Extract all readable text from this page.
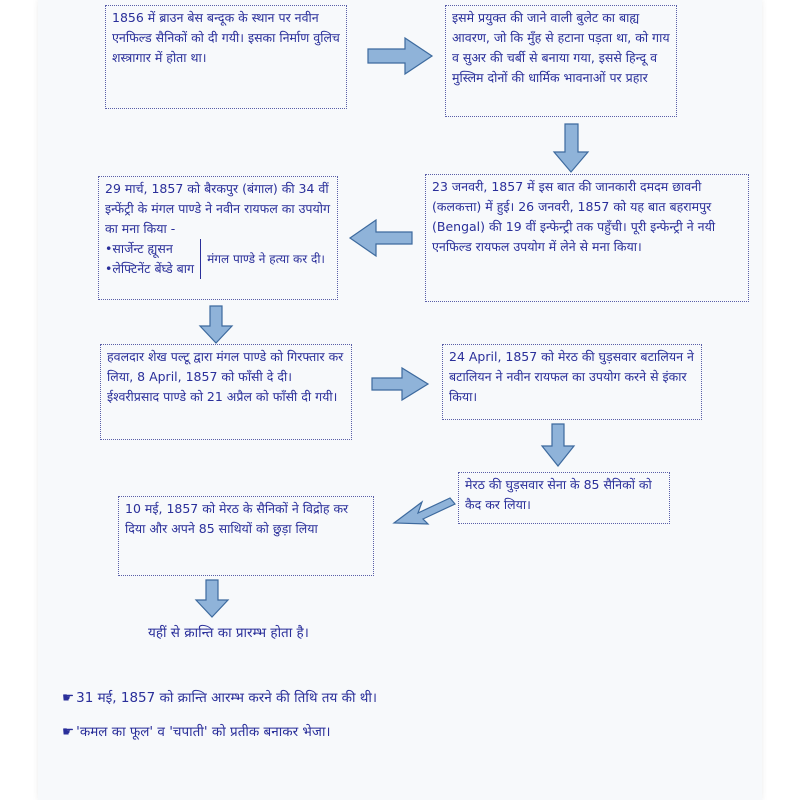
1856 में ब्राउन बेस बन्दूक के स्थान पर नवीन एनफिल्ड सैनिकों को दी गयी। इसका निर्माण वुलिच शस्त्रागार में होता था।

इसमे प्रयुक्त की जाने वाली बुलेट का बाह्य आवरण, जो कि मुँह से हटाना पड़ता था, को गाय व सुअर की चर्बी से बनाया गया, इससे हिन्दू व मुस्लिम दोनों की धार्मिक भावनाओं पर प्रहार

29 मार्च, 1857 को बैरकपुर (बंगाल) की 34 वीं इन्फेंट्री के मंगल पाण्डे ने नवीन रायफल का उपयोग का मना किया -

• सार्जेन्ट ह्यूसन
• लेफ्टिनेंट बेंघ्डे बाग
मंगल पाण्डे ने हत्या कर दी।

23 जनवरी, 1857 में इस बात की जानकारी दमदम छावनी (कलकत्ता) में हुई। 26 जनवरी, 1857 को यह बात बहरामपुर (Bengal) की 19 वीं इन्फेन्ट्री तक पहुँची। पूरी इन्फेन्ट्री ने नयी एनफिल्ड रायफल उपयोग में लेने से मना किया।

हवलदार शेख पल्टू द्वारा मंगल पाण्डे को गिरफ्तार कर लिया, 8 April, 1857 को फाँसी दे दी। ईश्वरीप्रसाद पाण्डे को 21 अप्रैल को फाँसी दी गयी।

24 April, 1857 को मेरठ की घुड़सवार बटालियन ने बटालियन ने नवीन रायफल का उपयोग करने से इंकार किया।

मेरठ की घुड़सवार सेना के 85 सैनिकों को कैद कर लिया।

10 मई, 1857 को मेरठ के सैनिकों ने विद्रोह कर दिया और अपने 85 साथियों को छुड़ा लिया

यहीं से क्रान्ति का प्रारम्भ होता है।
☛ 31 मई, 1857 को क्रान्ति आरम्भ करने की तिथि तय की थी।
☛ 'कमल का फूल' व 'चपाती' को प्रतीक बनाकर भेजा।
